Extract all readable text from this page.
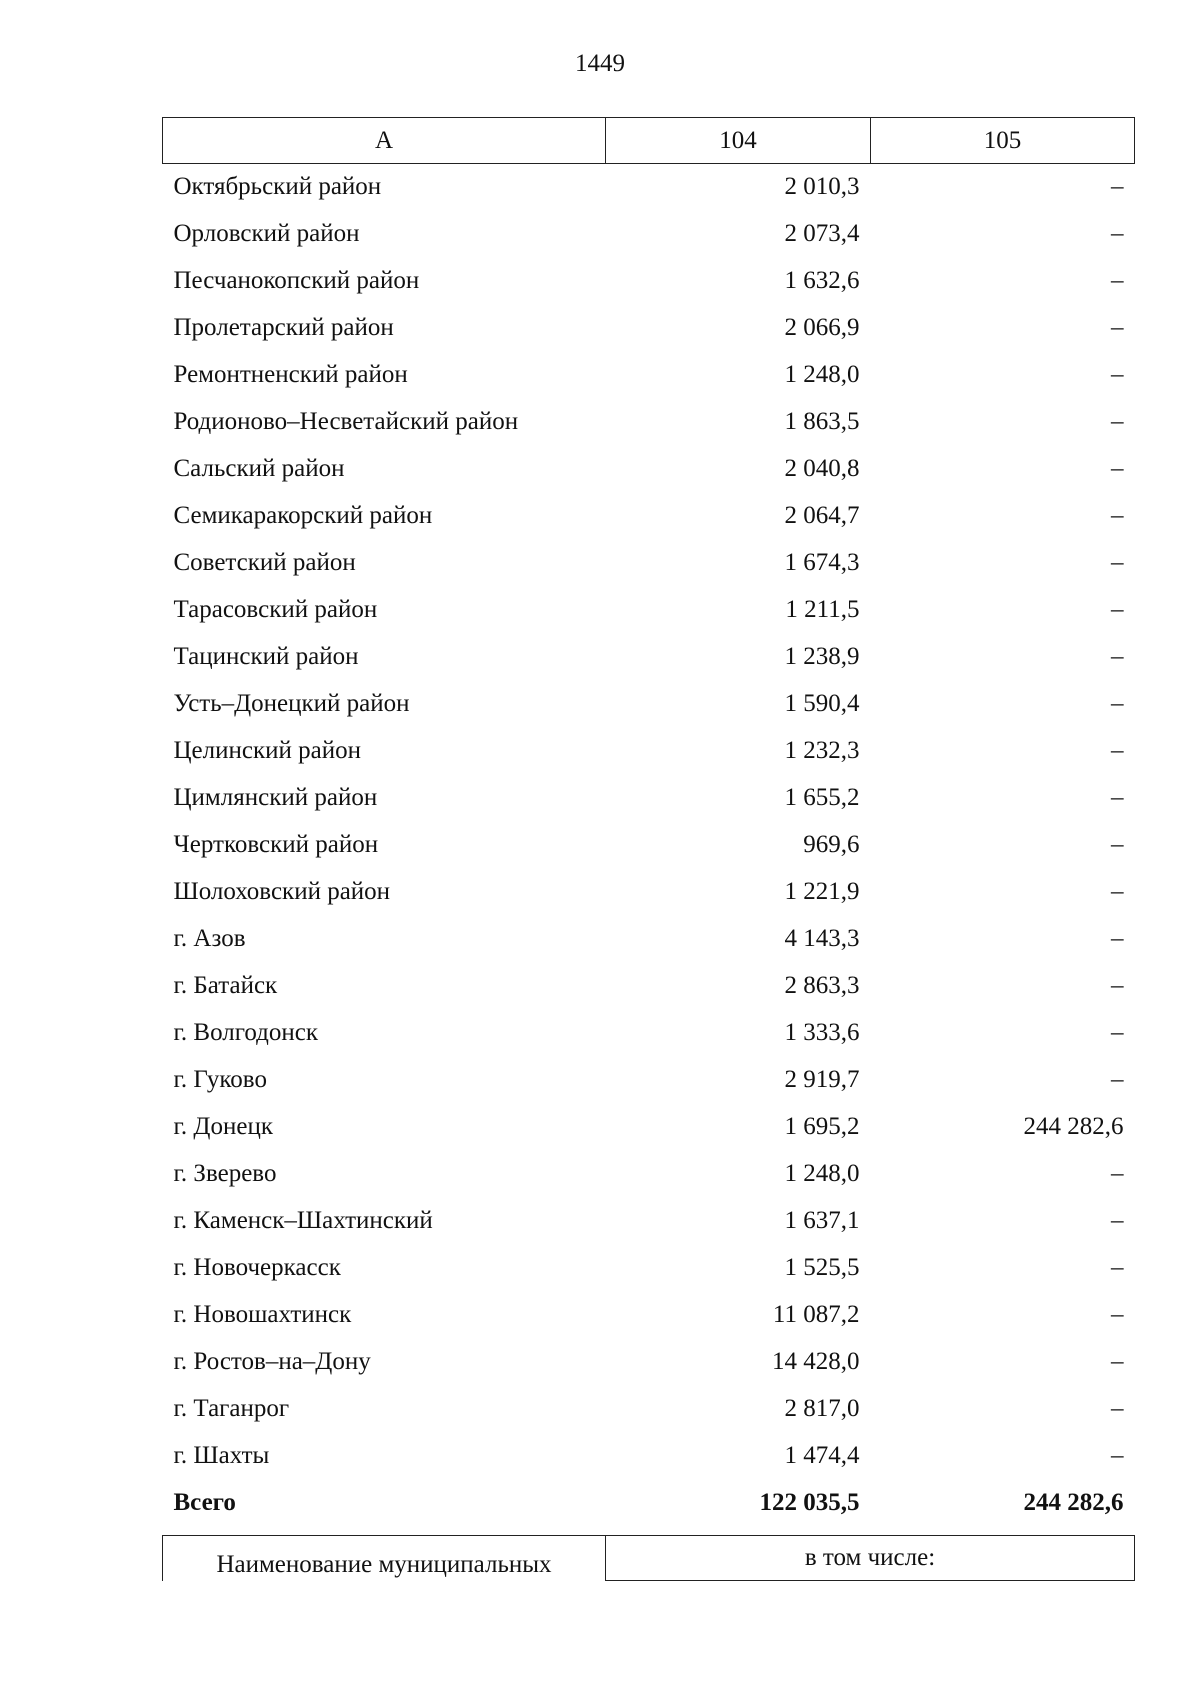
1449
А	104	105
Октябрьский район	2 010,3	–
Орловский район	2 073,4	–
Песчанокопский район	1 632,6	–
Пролетарский район	2 066,9	–
Ремонтненский район	1 248,0	–
Родионово–Несветайский район	1 863,5	–
Сальский район	2 040,8	–
Семикаракорский район	2 064,7	–
Советский район	1 674,3	–
Тарасовский район	1 211,5	–
Тацинский район	1 238,9	–
Усть–Донецкий район	1 590,4	–
Целинский район	1 232,3	–
Цимлянский район	1 655,2	–
Чертковский район	969,6	–
Шолоховский район	1 221,9	–
г. Азов	4 143,3	–
г. Батайск	2 863,3	–
г. Волгодонск	1 333,6	–
г. Гуково	2 919,7	–
г. Донецк	1 695,2	244 282,6
г. Зверево	1 248,0	–
г. Каменск–Шахтинский	1 637,1	–
г. Новочеркасск	1 525,5	–
г. Новошахтинск	11 087,2	–
г. Ростов–на–Дону	14 428,0	–
г. Таганрог	2 817,0	–
г. Шахты	1 474,4	–
Всего	122 035,5	244 282,6
Наименование муниципальных	в том числе:
